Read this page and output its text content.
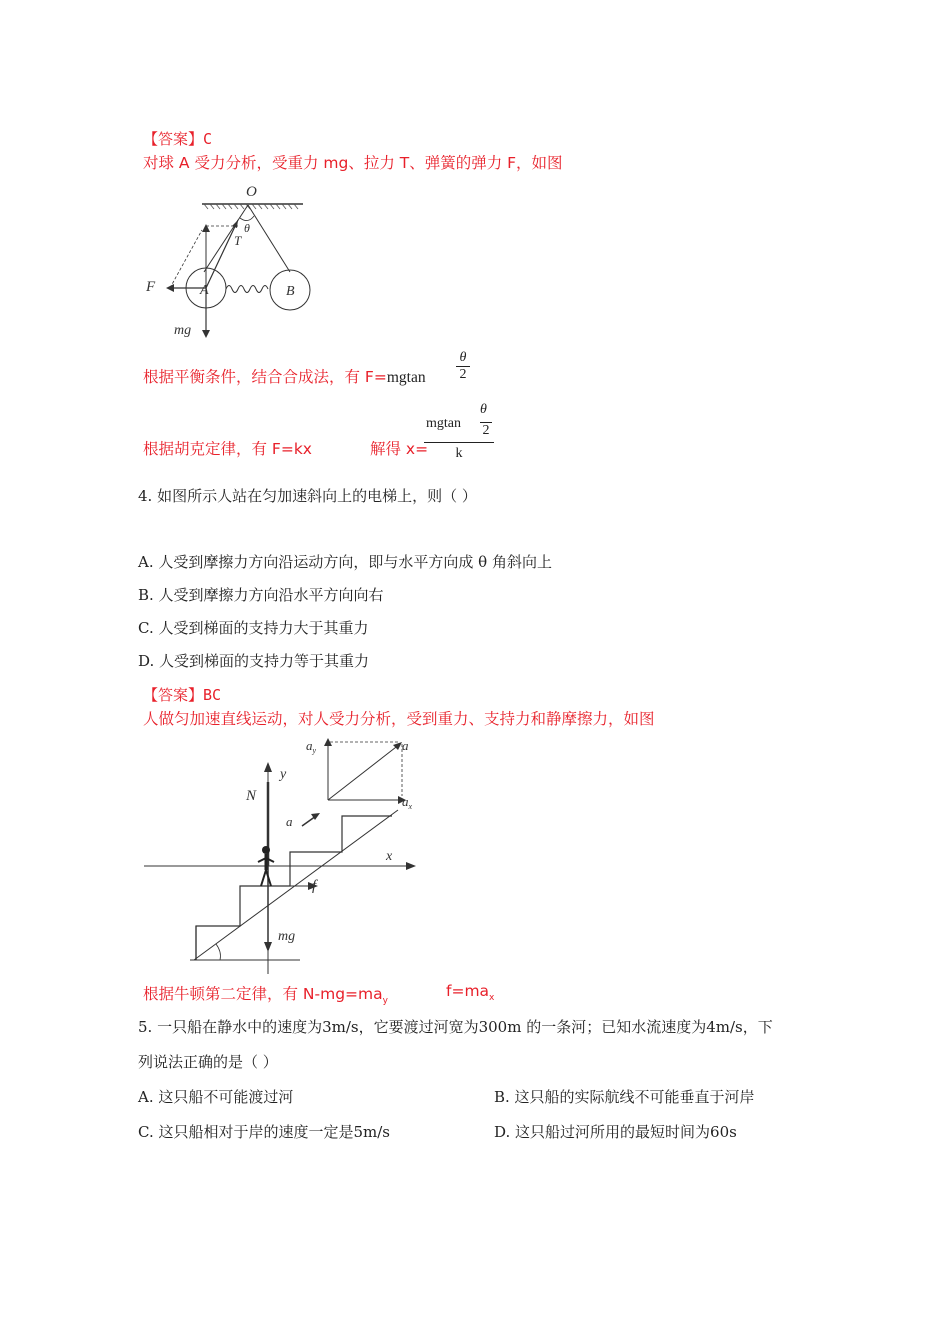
【答案】C
对球 A 受力分析，受重力 mg、拉力 T、弹簧的弹力 F，如图
O
θ
T
A	B
F
mg
根据平衡条件，结合合成法，有 $F=mgtan \frac{\theta}{2}$
根据胡克定律，有 F=kx	解得 x=
mgtan
θ
2
k
4. 如图所示人站在匀加速斜向上的电梯上，则（ ）
A. 人受到摩擦力方向沿运动方向，即与水平方向成 θ 角斜向上
B. 人受到摩擦力方向沿水平方向向右
C. 人受到梯面的支持力大于其重力
D. 人受到梯面的支持力等于其重力
【答案】BC
人做匀加速直线运动，对人受力分析，受到重力、支持力和静摩擦力，如图
$a_y$	a
$a_x$
x
y
N
mg
f
a
根据牛顿第二定律，有 $N-mg=ma_y$
$f=ma_x$
5. 一只船在静水中的速度为3m/s，它要渡过河宽为300m 的一条河；已知水流速度为4m/s，下
列说法正确的是（ ）
A. 这只船不可能渡过河	B. 这只船的实际航线不可能垂直于河岸
C. 这只船相对于岸的速度一定是5m/s	D. 这只船过河所用的最短时间为60s
